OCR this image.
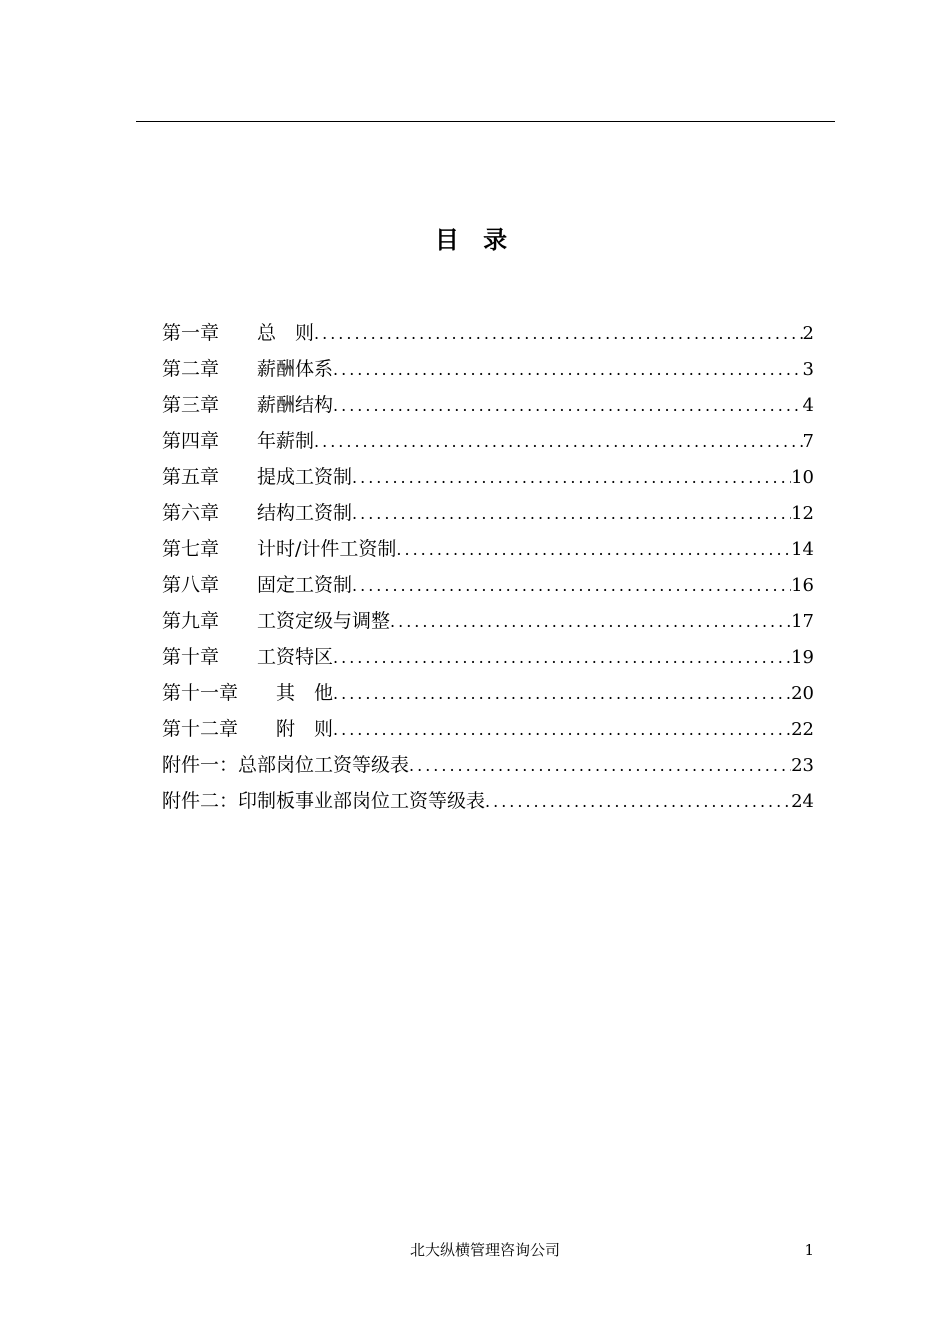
目 录
第一章　　总　则 .....	2
第二章　　薪酬体系 .....	3
第三章　　薪酬结构 .....	4
第四章　　年薪制 .....	7
第五章　　提成工资制 .....	10
第六章　　结构工资制 .....	12
第七章　　计时/计件工资制 .....	14
第八章　　固定工资制 .....	16
第九章　　工资定级与调整 .....	17
第十章　　工资特区 .....	19
第十一章　　其　他 .....	20
第十二章　　附　则 .....	22
附件一：总部岗位工资等级表 .....	23
附件二：印制板事业部岗位工资等级表 .....	24
北大纵横管理咨询公司	1
